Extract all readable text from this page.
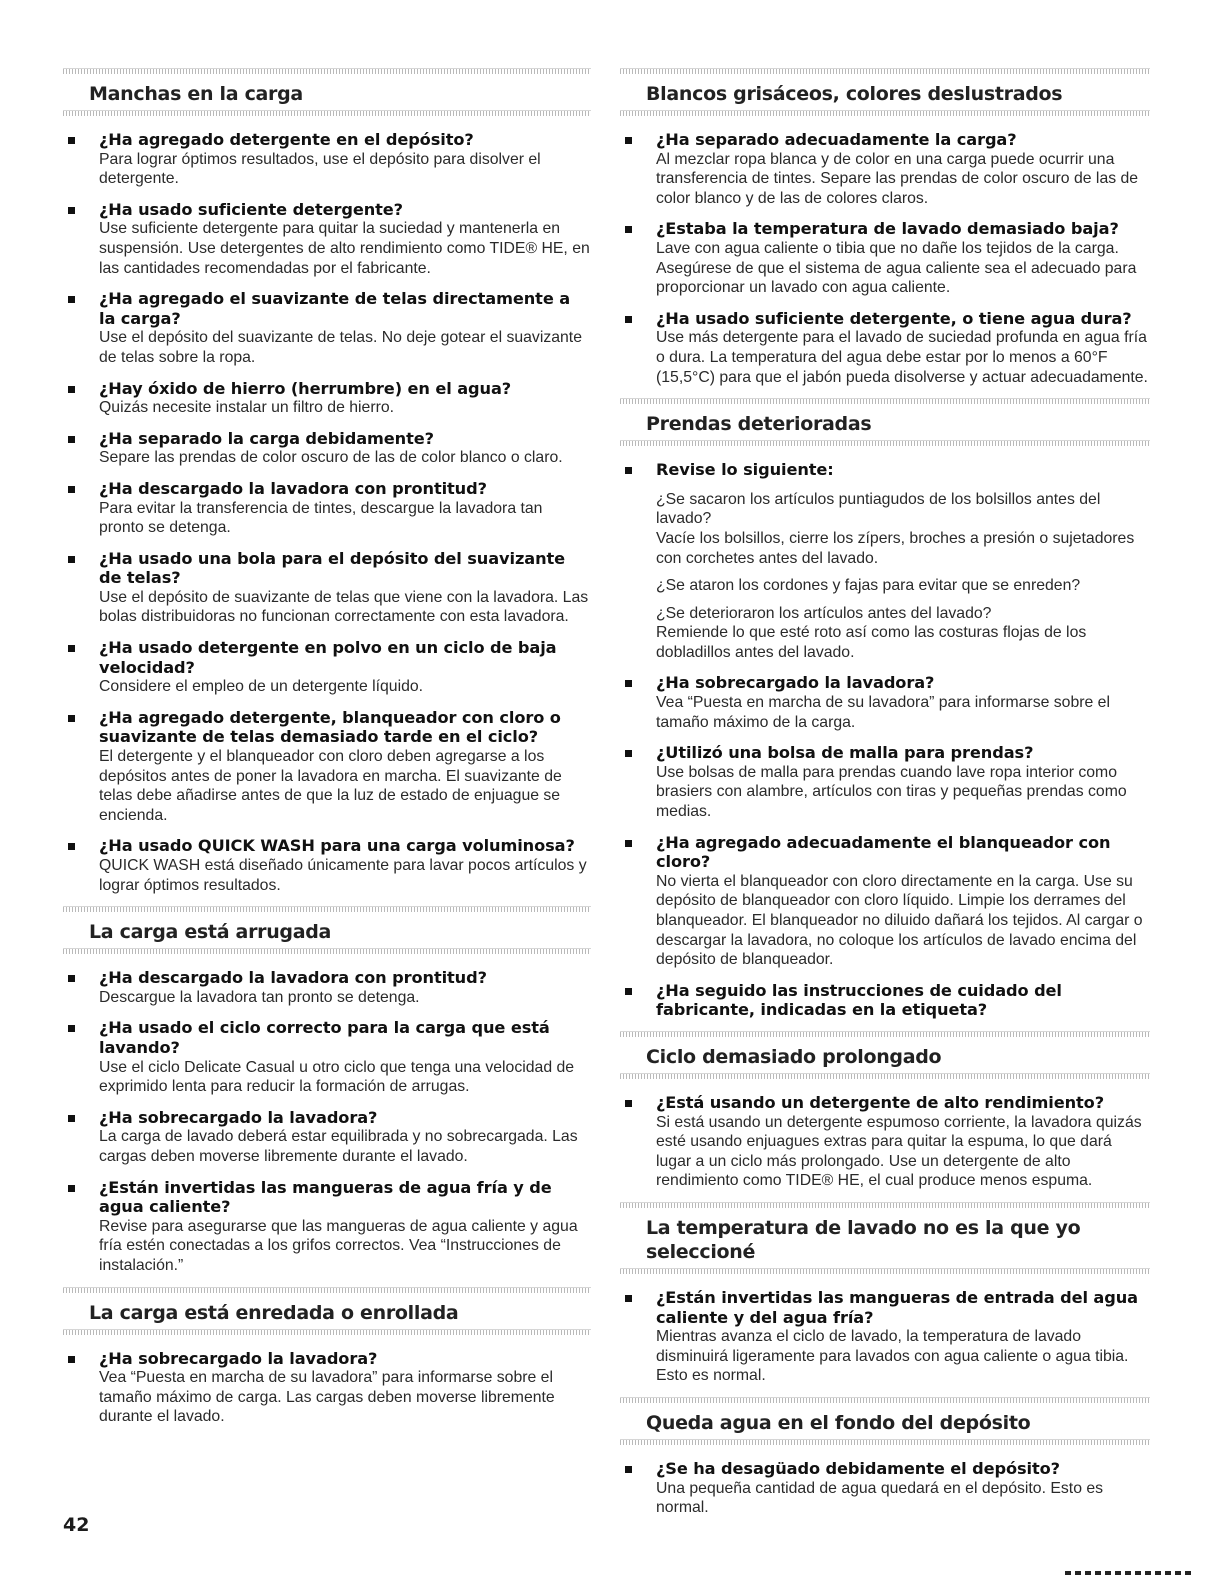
Manchas en la carga
¿Ha agregado detergente en el depósito?
Para lograr óptimos resultados, use el depósito para disolver el detergente.
¿Ha usado suficiente detergente?
Use suficiente detergente para quitar la suciedad y mantenerla en suspensión. Use detergentes de alto rendimiento como TIDE® HE, en las cantidades recomendadas por el fabricante.
¿Ha agregado el suavizante de telas directamente a la carga?
Use el depósito del suavizante de telas. No deje gotear el suavizante de telas sobre la ropa.
¿Hay óxido de hierro (herrumbre) en el agua?
Quizás necesite instalar un filtro de hierro.
¿Ha separado la carga debidamente?
Separe las prendas de color oscuro de las de color blanco o claro.
¿Ha descargado la lavadora con prontitud?
Para evitar la transferencia de tintes, descargue la lavadora tan pronto se detenga.
¿Ha usado una bola para el depósito del suavizante de telas?
Use el depósito de suavizante de telas que viene con la lavadora. Las bolas distribuidoras no funcionan correctamente con esta lavadora.
¿Ha usado detergente en polvo en un ciclo de baja velocidad?
Considere el empleo de un detergente líquido.
¿Ha agregado detergente, blanqueador con cloro o suavizante de telas demasiado tarde en el ciclo?
El detergente y el blanqueador con cloro deben agregarse a los depósitos antes de poner la lavadora en marcha. El suavizante de telas debe añadirse antes de que la luz de estado de enjuague se encienda.
¿Ha usado QUICK WASH para una carga voluminosa?
QUICK WASH está diseñado únicamente para lavar pocos artículos y lograr óptimos resultados.
La carga está arrugada
¿Ha descargado la lavadora con prontitud?
Descargue la lavadora tan pronto se detenga.
¿Ha usado el ciclo correcto para la carga que está lavando?
Use el ciclo Delicate Casual u otro ciclo que tenga una velocidad de exprimido lenta para reducir la formación de arrugas.
¿Ha sobrecargado la lavadora?
La carga de lavado deberá estar equilibrada y no sobrecargada. Las cargas deben moverse libremente durante el lavado.
¿Están invertidas las mangueras de agua fría y de agua caliente?
Revise para asegurarse que las mangueras de agua caliente y agua fría estén conectadas a los grifos correctos. Vea “Instrucciones de instalación.”
La carga está enredada o enrollada
¿Ha sobrecargado la lavadora?
Vea “Puesta en marcha de su lavadora” para informarse sobre el tamaño máximo de carga. Las cargas deben moverse libremente durante el lavado.
Blancos grisáceos, colores deslustrados
¿Ha separado adecuadamente la carga?
Al mezclar ropa blanca y de color en una carga puede ocurrir una transferencia de tintes. Separe las prendas de color oscuro de las de color blanco y de las de colores claros.
¿Estaba la temperatura de lavado demasiado baja?
Lave con agua caliente o tibia que no dañe los tejidos de la carga. Asegúrese de que el sistema de agua caliente sea el adecuado para proporcionar un lavado con agua caliente.
¿Ha usado suficiente detergente, o tiene agua dura?
Use más detergente para el lavado de suciedad profunda en agua fría o dura. La temperatura del agua debe estar por lo menos a 60°F (15,5°C) para que el jabón pueda disolverse y actuar adecuadamente.
Prendas deterioradas
Revise lo siguiente:
¿Se sacaron los artículos puntiagudos de los bolsillos antes del lavado?
Vacíe los bolsillos, cierre los zípers, broches a presión o sujetadores con corchetes antes del lavado.
¿Se ataron los cordones y fajas para evitar que se enreden?
¿Se deterioraron los artículos antes del lavado?
Remiende lo que esté roto así como las costuras flojas de los dobladillos antes del lavado.
¿Ha sobrecargado la lavadora?
Vea “Puesta en marcha de su lavadora” para informarse sobre el tamaño máximo de la carga.
¿Utilizó una bolsa de malla para prendas?
Use bolsas de malla para prendas cuando lave ropa interior como brasiers con alambre, artículos con tiras y pequeñas prendas como medias.
¿Ha agregado adecuadamente el blanqueador con cloro?
No vierta el blanqueador con cloro directamente en la carga. Use su depósito de blanqueador con cloro líquido. Limpie los derrames del blanqueador. El blanqueador no diluido dañará los tejidos. Al cargar o descargar la lavadora, no coloque los artículos de lavado encima del depósito de blanqueador.
¿Ha seguido las instrucciones de cuidado del fabricante, indicadas en la etiqueta?
Ciclo demasiado prolongado
¿Está usando un detergente de alto rendimiento?
Si está usando un detergente espumoso corriente, la lavadora quizás esté usando enjuagues extras para quitar la espuma, lo que dará lugar a un ciclo más prolongado. Use un detergente de alto rendimiento como TIDE® HE, el cual produce menos espuma.
La temperatura de lavado no es la que yo seleccioné
¿Están invertidas las mangueras de entrada del agua caliente y del agua fría?
Mientras avanza el ciclo de lavado, la temperatura de lavado disminuirá ligeramente para lavados con agua caliente o agua tibia. Esto es normal.
Queda agua en el fondo del depósito
¿Se ha desagüado debidamente el depósito?
Una pequeña cantidad de agua quedará en el depósito. Esto es normal.
42
